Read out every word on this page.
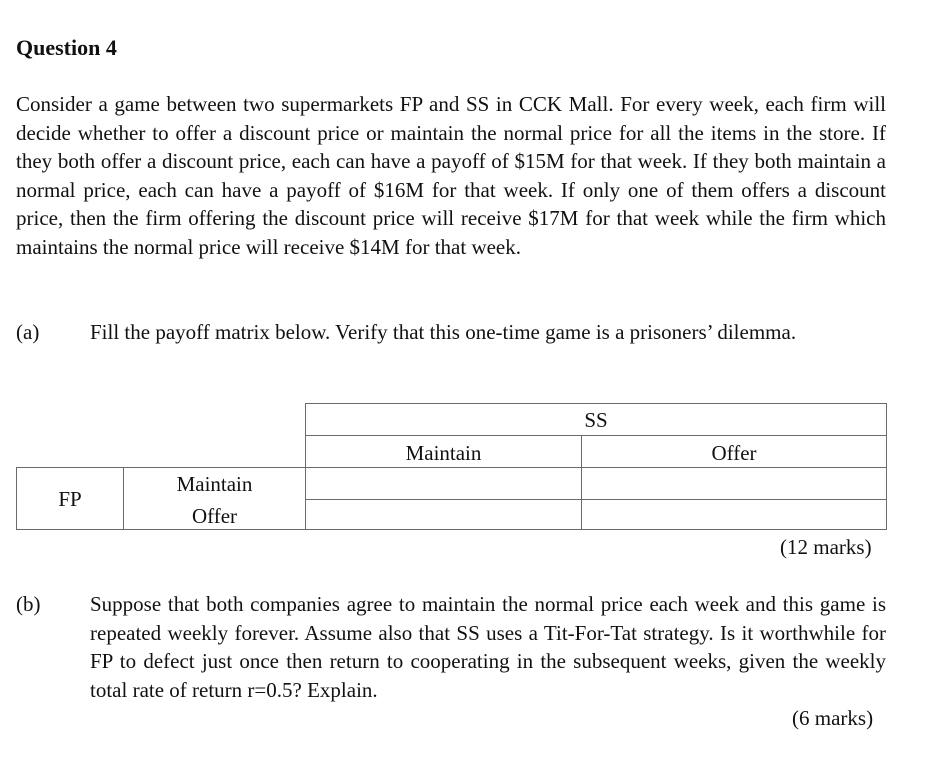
Question 4
Consider a game between two supermarkets FP and SS in CCK Mall. For every week, each firm will decide whether to offer a discount price or maintain the normal price for all the items in the store. If they both offer a discount price, each can have a payoff of $15M for that week. If they both maintain a normal price, each can have a payoff of $16M for that week. If only one of them offers a discount price, then the firm offering the discount price will receive $17M for that week while the firm which maintains the normal price will receive $14M for that week.
(a) Fill the payoff matrix below. Verify that this one-time game is a prisoners’ dilemma.
SS
Maintain	Offer
FP
Maintain
Offer
(12 marks)
(b) Suppose that both companies agree to maintain the normal price each week and this game is repeated weekly forever. Assume also that SS uses a Tit-For-Tat strategy. Is it worthwhile for FP to defect just once then return to cooperating in the subsequent weeks, given the weekly total rate of return r=0.5? Explain.
(6 marks)
